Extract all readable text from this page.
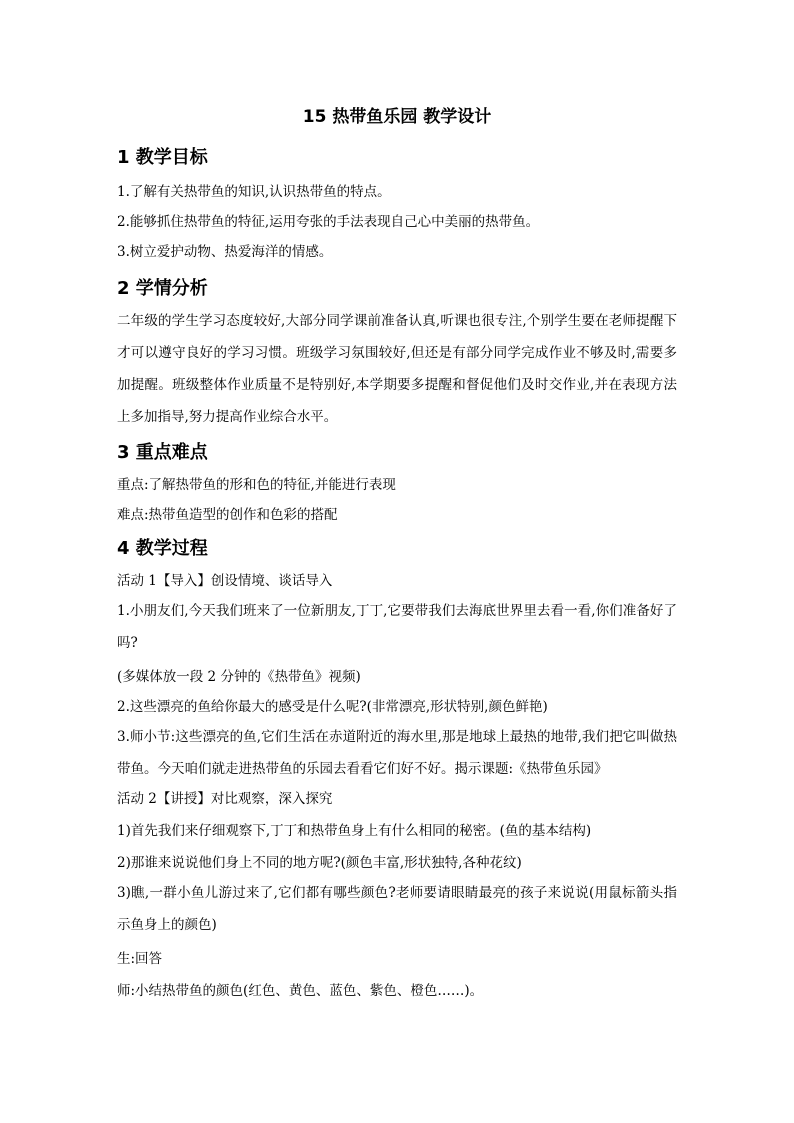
15 热带鱼乐园 教学设计
1 教学目标
1.了解有关热带鱼的知识,认识热带鱼的特点。
2.能够抓住热带鱼的特征,运用夸张的手法表现自己心中美丽的热带鱼。
3.树立爱护动物、热爱海洋的情感。
2 学情分析
二年级的学生学习态度较好,大部分同学课前准备认真,听课也很专注,个别学生要在老师提醒下才可以遵守良好的学习习惯。班级学习氛围较好,但还是有部分同学完成作业不够及时,需要多加提醒。班级整体作业质量不是特别好,本学期要多提醒和督促他们及时交作业,并在表现方法上多加指导,努力提高作业综合水平。
3 重点难点
重点:了解热带鱼的形和色的特征,并能进行表现
难点:热带鱼造型的创作和色彩的搭配
4 教学过程
活动 1【导入】创设情境、谈话导入
1.小朋友们,今天我们班来了一位新朋友,丁丁,它要带我们去海底世界里去看一看,你们准备好了吗?
(多媒体放一段 2 分钟的《热带鱼》视频)
2.这些漂亮的鱼给你最大的感受是什么呢?(非常漂亮,形状特别,颜色鲜艳)
3.师小节:这些漂亮的鱼,它们生活在赤道附近的海水里,那是地球上最热的地带,我们把它叫做热带鱼。今天咱们就走进热带鱼的乐园去看看它们好不好。揭示课题:《热带鱼乐园》
活动 2【讲授】对比观察，深入探究
1)首先我们来仔细观察下,丁丁和热带鱼身上有什么相同的秘密。(鱼的基本结构)
2)那谁来说说他们身上不同的地方呢?(颜色丰富,形状独特,各种花纹)
3)瞧,一群小鱼儿游过来了,它们都有哪些颜色?老师要请眼睛最亮的孩子来说说(用鼠标箭头指示鱼身上的颜色)
生:回答
师:小结热带鱼的颜色(红色、黄色、蓝色、紫色、橙色……)。
